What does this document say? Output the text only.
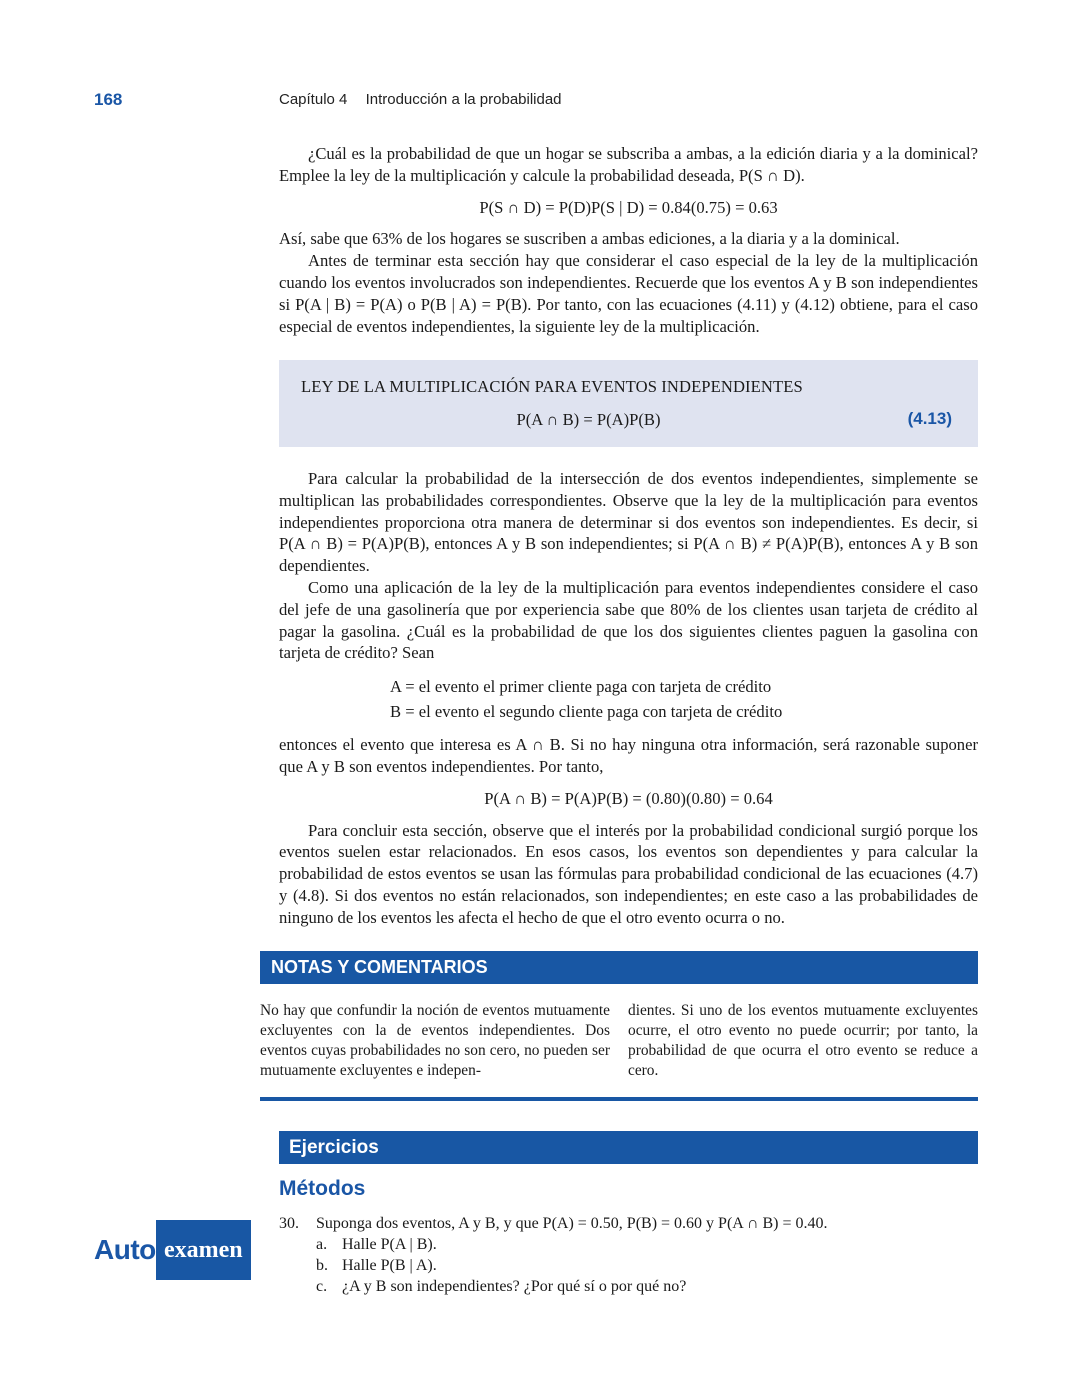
168	Capítulo 4 Introducción a la probabilidad

¿Cuál es la probabilidad de que un hogar se subscriba a ambas, a la edición diaria y a la dominical? Emplee la ley de la multiplicación y calcule la probabilidad deseada, P(S ∩ D).

P(S ∩ D) = P(D)P(S | D) = 0.84(0.75) = 0.63

Así, sabe que 63% de los hogares se suscriben a ambas ediciones, a la diaria y a la dominical.

Antes de terminar esta sección hay que considerar el caso especial de la ley de la multiplicación cuando los eventos involucrados son independientes. Recuerde que los eventos A y B son independientes si P(A | B) = P(A) o P(B | A) = P(B). Por tanto, con las ecuaciones (4.11) y (4.12) obtiene, para el caso especial de eventos independientes, la siguiente ley de la multiplicación.

LEY DE LA MULTIPLICACIÓN PARA EVENTOS INDEPENDIENTES
P(A ∩ B) = P(A)P(B)	(4.13)

Para calcular la probabilidad de la intersección de dos eventos independientes, simplemente se multiplican las probabilidades correspondientes. Observe que la ley de la multiplicación para eventos independientes proporciona otra manera de determinar si dos eventos son independientes. Es decir, si P(A ∩ B) = P(A)P(B), entonces A y B son independientes; si P(A ∩ B) ≠ P(A)P(B), entonces A y B son dependientes.

Como una aplicación de la ley de la multiplicación para eventos independientes considere el caso del jefe de una gasolinería que por experiencia sabe que 80% de los clientes usan tarjeta de crédito al pagar la gasolina. ¿Cuál es la probabilidad de que los dos siguientes clientes paguen la gasolina con tarjeta de crédito? Sean

A = el evento el primer cliente paga con tarjeta de crédito
B = el evento el segundo cliente paga con tarjeta de crédito

entonces el evento que interesa es A ∩ B. Si no hay ninguna otra información, será razonable suponer que A y B son eventos independientes. Por tanto,

P(A ∩ B) = P(A)P(B) = (0.80)(0.80) = 0.64

Para concluir esta sección, observe que el interés por la probabilidad condicional surgió porque los eventos suelen estar relacionados. En esos casos, los eventos son dependientes y para calcular la probabilidad de estos eventos se usan las fórmulas para probabilidad condicional de las ecuaciones (4.7) y (4.8). Si dos eventos no están relacionados, son independientes; en este caso a las probabilidades de ninguno de los eventos les afecta el hecho de que el otro evento ocurra o no.

NOTAS Y COMENTARIOS
No hay que confundir la noción de eventos mutuamente excluyentes con la de eventos independientes. Dos eventos cuyas probabilidades no son cero, no pueden ser mutuamente excluyentes e indepen-
dientes. Si uno de los eventos mutuamente excluyentes ocurre, el otro evento no puede ocurrir; por tanto, la probabilidad de que ocurra el otro evento se reduce a cero.
Ejercicios
Métodos
Auto examen
30. Suponga dos eventos, A y B, y que P(A) = 0.50, P(B) = 0.60 y P(A ∩ B) = 0.40.
a. Halle P(A | B).
b. Halle P(B | A).
c. ¿A y B son independientes? ¿Por qué sí o por qué no?
